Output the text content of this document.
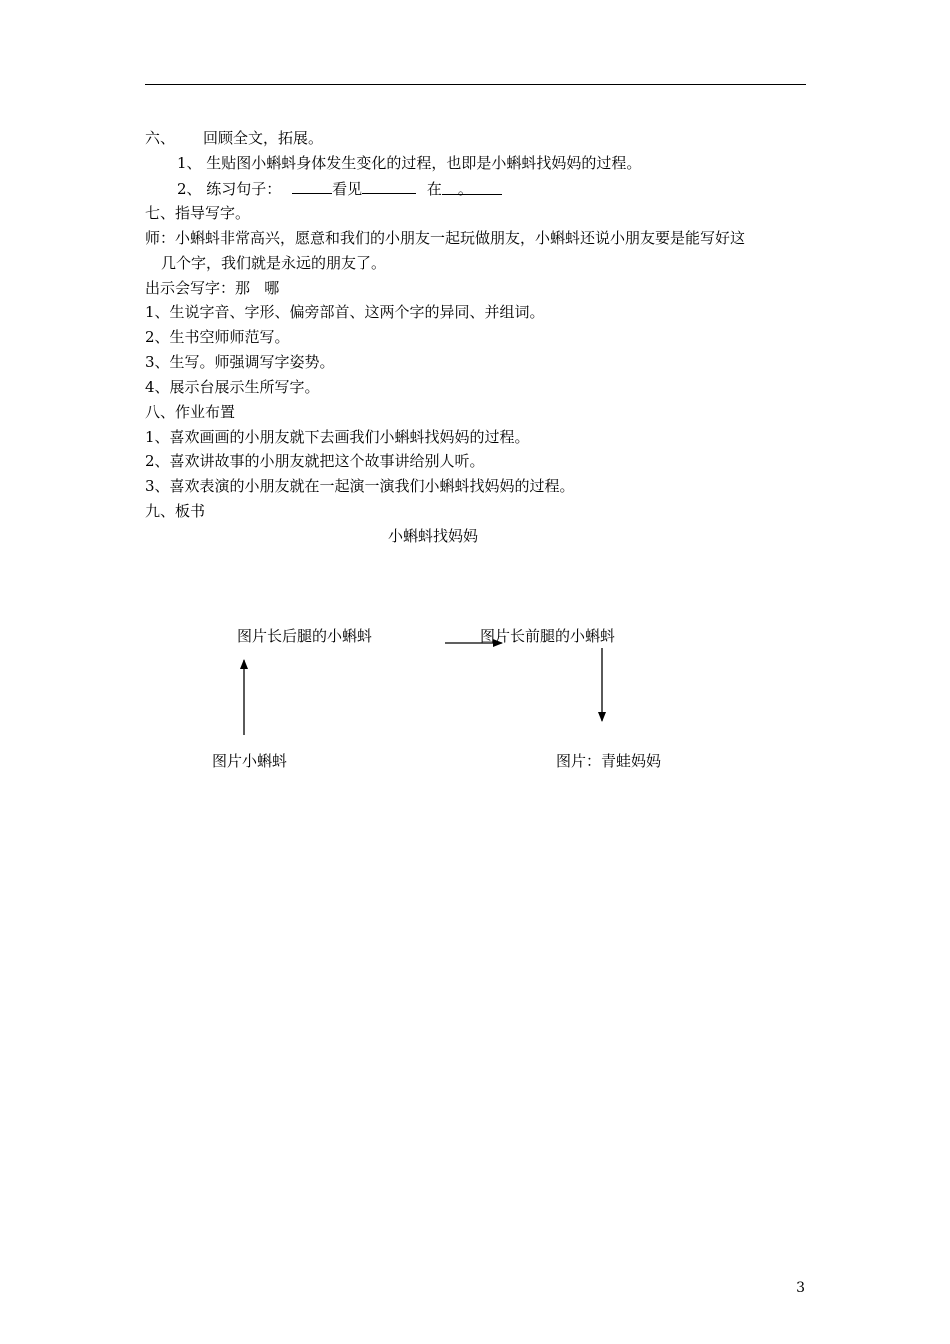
六、 回顾全文，拓展。
1、 生贴图小蝌蚪身体发生变化的过程，也即是小蝌蚪找妈妈的过程。
2、 练习句子：	看见	在 。
七、指导写字。
师：小蝌蚪非常高兴，愿意和我们的小朋友一起玩做朋友，小蝌蚪还说小朋友要是能写好这
几个字，我们就是永远的朋友了。
出示会写字：那   哪
1、生说字音、字形、偏旁部首、这两个字的异同、并组词。
2、生书空师师范写。
3、生写。师强调写字姿势。
4、展示台展示生所写字。
八、作业布置
1、喜欢画画的小朋友就下去画我们小蝌蚪找妈妈的过程。
2、喜欢讲故事的小朋友就把这个故事讲给别人听。
3、喜欢表演的小朋友就在一起演一演我们小蝌蚪找妈妈的过程。
九、板书
小蝌蚪找妈妈
图片长后腿的小蝌蚪	图片长前腿的小蝌蚪
图片小蝌蚪	图片：青蛙妈妈
3
